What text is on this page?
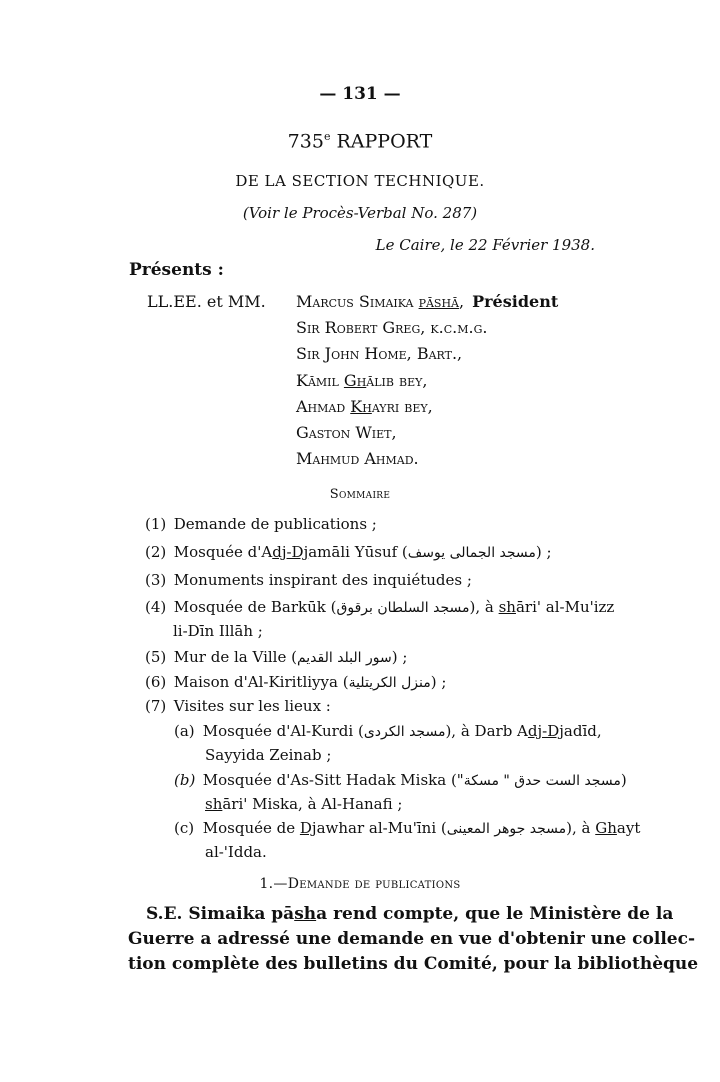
— 131 —
735e RAPPORT
DE LA SECTION TECHNIQUE.
(Voir le Procès-Verbal No. 287)
Le Caire, le 22 Février 1938.
Présents :
LL.EE. et MM. Marcus Simaika pāshā, Président
Sir Robert Greg, k.c.m.g.
Sir John Home, Bart.,
Kāmil Ghālib bey,
Ahmad Khayri bey,
Gaston Wiet,
Mahmud Ahmad.
Sommaire
(1) Demande de publications ;
(2) Mosquée d'Adj-Djamāli Yūsuf (مسجد الجمالى يوسف) ;
(3) Monuments inspirant des inquiétudes ;
(4) Mosquée de Barkūk (مسجد السلطان برقوق), à shāri' al-Mu'izz
li-Dīn Illāh ;
(5) Mur de la Ville (سور البلد القديم) ;
(6) Maison d'Al-Kiritliyya (منزل الكريتلية) ;
(7) Visites sur les lieux :
(a) Mosquée d'Al-Kurdi (مسجد الكردى), à Darb Adj-Djadīd,
Sayyida Zeinab ;
(b) Mosquée d'As-Sitt Hadak Miska ("مسجد الست حدق " مسكة)
shāri' Miska, à Al-Hanafi ;
(c) Mosquée de Djawhar al-Mu'īni (مسجد جوهر المعينى), à Ghayt
al-'Idda.
1.—Demande de publications
S.E. Simaika pāsha rend compte, que le Ministère de la
Guerre a adressé une demande en vue d'obtenir une collec-
tion complète des bulletins du Comité, pour la bibliothèque
